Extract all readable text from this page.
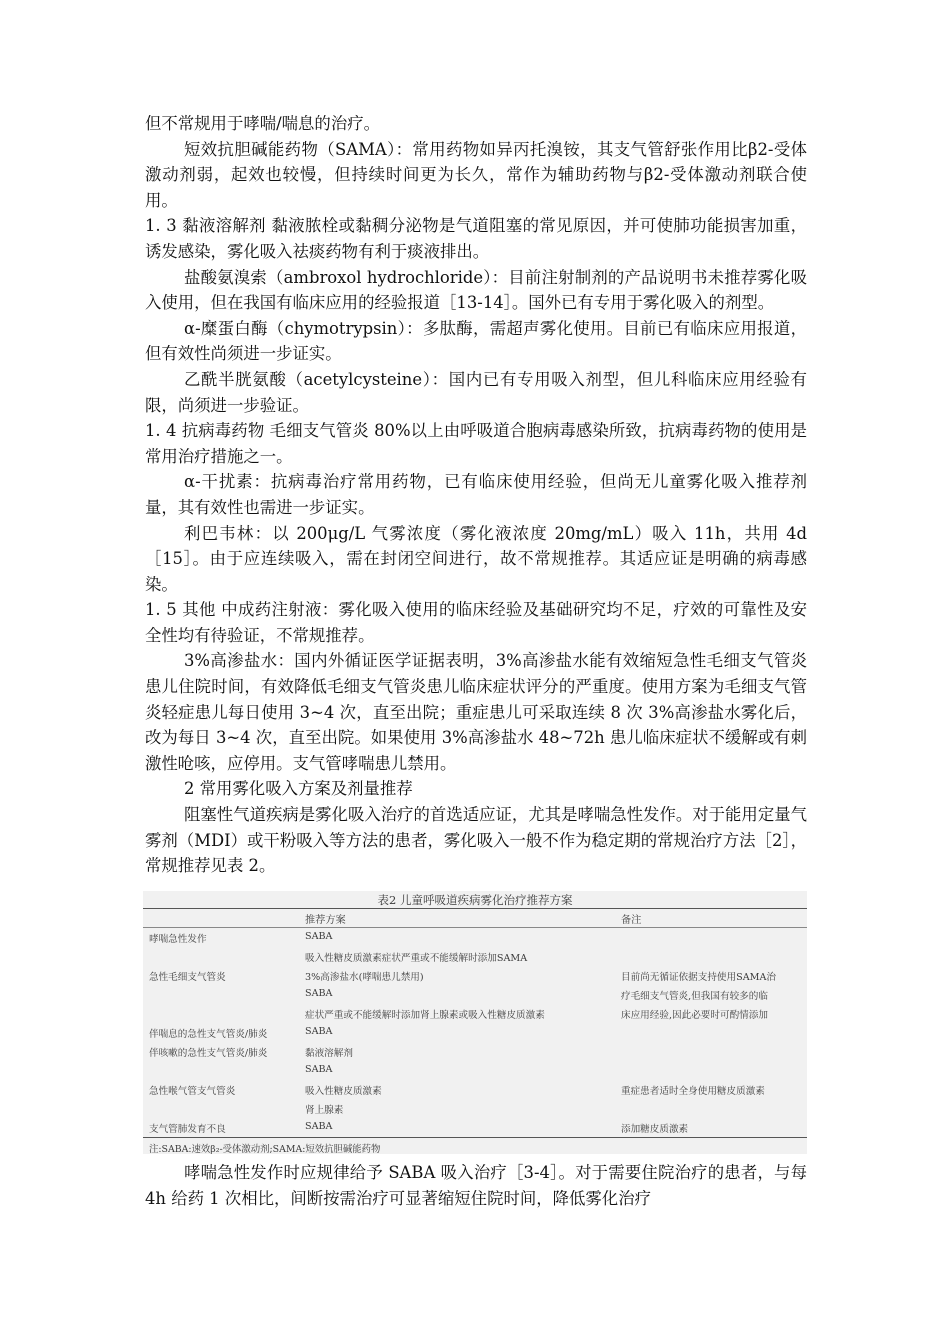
但不常规用于哮喘/喘息的治疗。

短效抗胆碱能药物（SAMA）：常用药物如异丙托溴铵，其支气管舒张作用比β2-受体激动剂弱，起效也较慢，但持续时间更为长久，常作为辅助药物与β2-受体激动剂联合使用。

1. 3 黏液溶解剂 黏液脓栓或黏稠分泌物是气道阻塞的常见原因，并可使肺功能损害加重，诱发感染，雾化吸入祛痰药物有利于痰液排出。

盐酸氨溴索（ambroxol hydrochloride）：目前注射制剂的产品说明书未推荐雾化吸入使用，但在我国有临床应用的经验报道［13-14］。国外已有专用于雾化吸入的剂型。

α-糜蛋白酶（chymotrypsin）：多肽酶，需超声雾化使用。目前已有临床应用报道，但有效性尚须进一步证实。

乙酰半胱氨酸（acetylcysteine）：国内已有专用吸入剂型，但儿科临床应用经验有限，尚须进一步验证。

1. 4 抗病毒药物 毛细支气管炎 80%以上由呼吸道合胞病毒感染所致，抗病毒药物的使用是常用治疗措施之一。

α-干扰素：抗病毒治疗常用药物，已有临床使用经验，但尚无儿童雾化吸入推荐剂量，其有效性也需进一步证实。

利巴韦林：以 200μg/L 气雾浓度（雾化液浓度 20mg/mL）吸入 11h，共用 4d［15］。由于应连续吸入，需在封闭空间进行，故不常规推荐。其适应证是明确的病毒感染。

1. 5 其他 中成药注射液：雾化吸入使用的临床经验及基础研究均不足，疗效的可靠性及安全性均有待验证，不常规推荐。

3%高渗盐水：国内外循证医学证据表明，3%高渗盐水能有效缩短急性毛细支气管炎患儿住院时间，有效降低毛细支气管炎患儿临床症状评分的严重度。使用方案为毛细支气管炎轻症患儿每日使用 3~4 次，直至出院；重症患儿可采取连续 8 次 3%高渗盐水雾化后，改为每日 3~4 次，直至出院。如果使用 3%高渗盐水 48~72h 患儿临床症状不缓解或有刺激性呛咳，应停用。支气管哮喘患儿禁用。

2 常用雾化吸入方案及剂量推荐

阻塞性气道疾病是雾化吸入治疗的首选适应证，尤其是哮喘急性发作。对于能用定量气雾剂（MDI）或干粉吸入等方法的患者，雾化吸入一般不作为稳定期的常规治疗方法［2］，常规推荐见表 2。

表2 儿童呼吸道疾病雾化治疗推荐方案
推荐方案	备注
哮喘急性发作
急性毛细支气管炎
伴喘息的急性支气管炎/肺炎
伴咳嗽的急性支气管炎/肺炎
急性喉气管支气管炎
支气管肺发育不良
SABA
吸入性糖皮质激素症状严重或不能缓解时添加SAMA
3%高渗盐水(哮喘患儿禁用)
SABA
症状严重或不能缓解时添加肾上腺素或吸入性糖皮质激素
SABA
黏液溶解剂
SABA
吸入性糖皮质激素
肾上腺素
SABA
目前尚无循证依据支持使用SAMA治
疗毛细支气管炎,但我国有较多的临
床应用经验,因此必要时可酌情添加
重症患者适时全身使用糖皮质激素
添加糖皮质激素
注:SABA:速效β₂-受体激动剂;SAMA:短效抗胆碱能药物

哮喘急性发作时应规律给予 SABA 吸入治疗［3-4］。对于需要住院治疗的患者，与每 4h 给药 1 次相比，间断按需治疗可显著缩短住院时间，降低雾化治疗
